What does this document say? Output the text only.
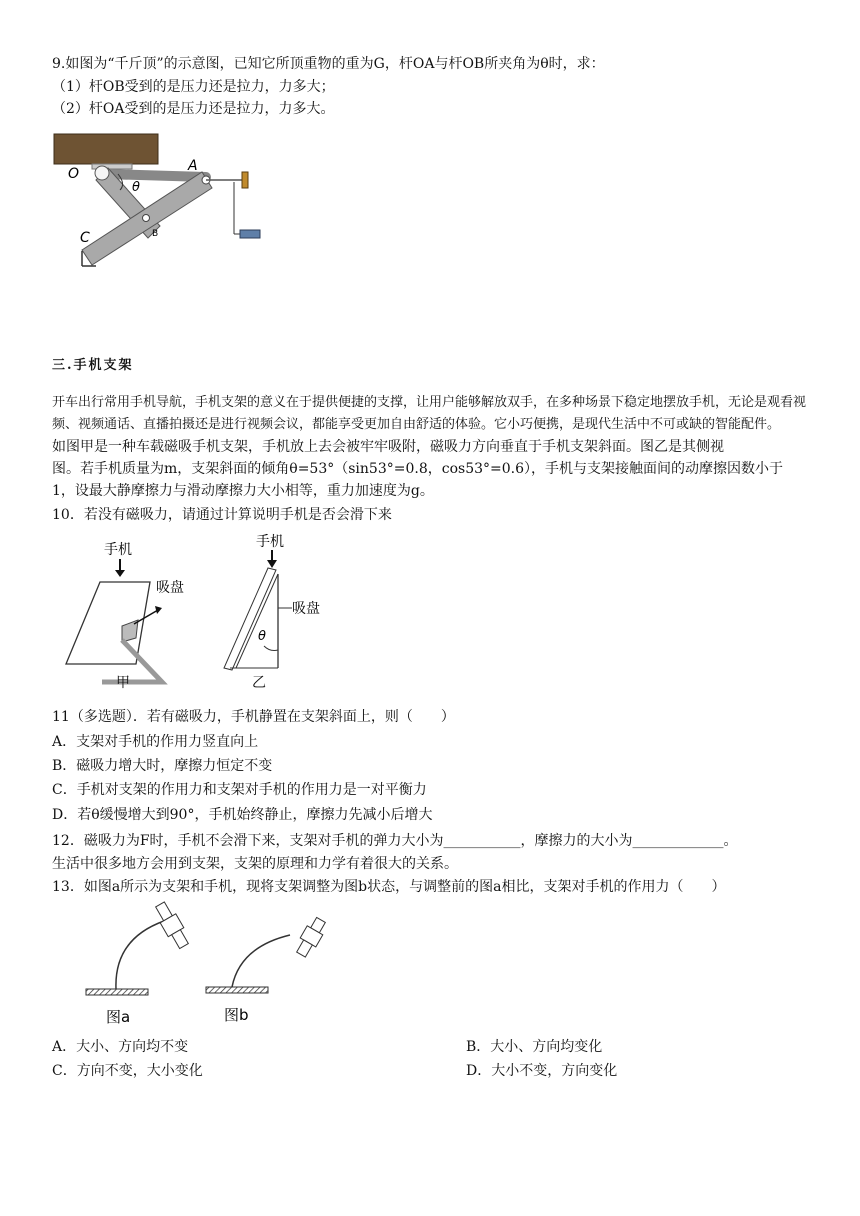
9.如图为“千斤顶”的示意图，已知它所顶重物的重为G，杆OA与杆OB所夹角为θ时，求：
（1）杆OB受到的是压力还是拉力，力多大；
（2）杆OA受到的是压力还是拉力，力多大。
O	A
θ
C	B
三.手机支架
开车出行常用手机导航，手机支架的意义在于提供便捷的支撑，让用户能够解放双手，在多种场景下稳定地摆放手机，无论是观看视
频、视频通话、直播拍摄还是进行视频会议，都能享受更加自由舒适的体验。它小巧便携，是现代生活中不可或缺的智能配件。
如图甲是一种车载磁吸手机支架，手机放上去会被牢牢吸附，磁吸力方向垂直于手机支架斜面。图乙是其侧视
图。若手机质量为m，支架斜面的倾角θ=53°（sin53°=0.8，cos53°=0.6），手机与支架接触面间的动摩擦因数小于
1，设最大静摩擦力与滑动摩擦力大小相等，重力加速度为g。
10．若没有磁吸力，请通过计算说明手机是否会滑下来
手机
吸盘
甲
手机
吸盘
θ
乙
11（多选题）．若有磁吸力，手机静置在支架斜面上，则（　　）
A．支架对手机的作用力竖直向上
B．磁吸力增大时，摩擦力恒定不变
C．手机对支架的作用力和支架对手机的作用力是一对平衡力
D．若θ缓慢增大到90°，手机始终静止，摩擦力先减小后增大
12．磁吸力为F时，手机不会滑下来，支架对手机的弹力大小为___________，摩擦力的大小为_____________。
生活中很多地方会用到支架，支架的原理和力学有着很大的关系。
13．如图a所示为支架和手机，现将支架调整为图b状态，与调整前的图a相比，支架对手机的作用力（　　）
图a	图b
A．大小、方向均不变	B．大小、方向均变化
C．方向不变，大小变化	D．大小不变，方向变化
